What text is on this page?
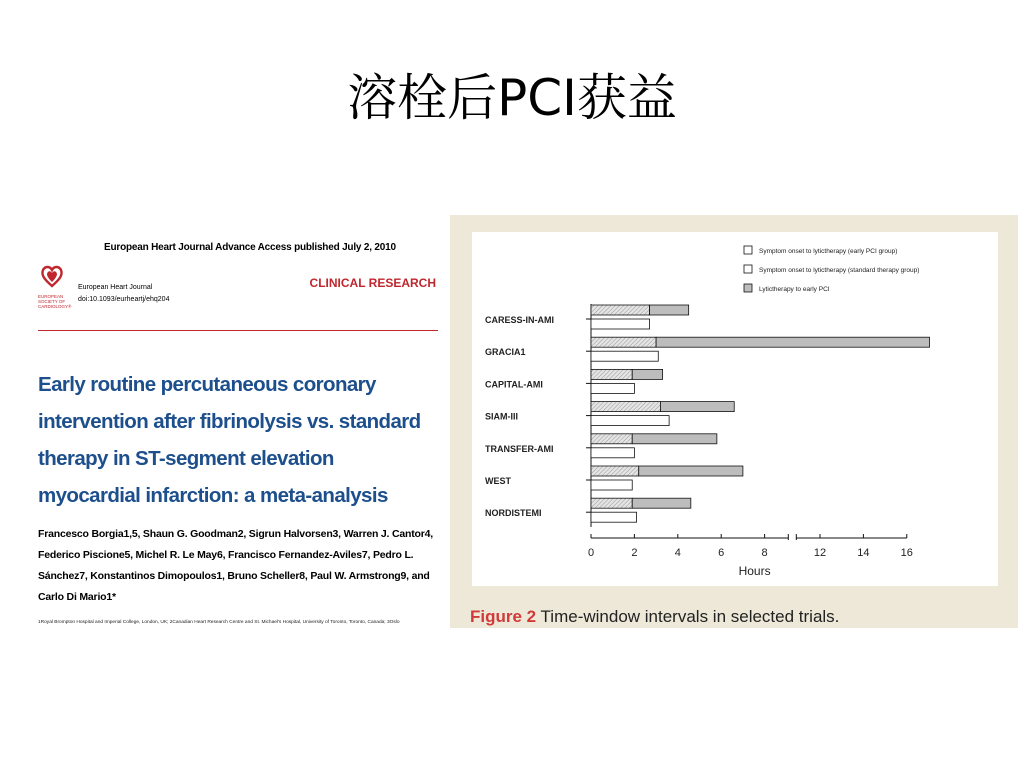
溶栓后PCI获益
European Heart Journal Advance Access published July 2, 2010
EUROPEAN SOCIETY OF CARDIOLOGY®
European Heart Journal
doi:10.1093/eurheartj/ehq204
CLINICAL RESEARCH
Early routine percutaneous coronary intervention after fibrinolysis vs. standard therapy in ST-segment elevation myocardial infarction: a meta-analysis
Francesco Borgia1,5, Shaun G. Goodman2, Sigrun Halvorsen3, Warren J. Cantor4, Federico Piscione5, Michel R. Le May6, Francisco Fernandez-Aviles7, Pedro L. Sánchez7, Konstantinos Dimopoulos1, Bruno Scheller8, Paul W. Armstrong9, and Carlo Di Mario1*
1Royal Brompton Hospital and Imperial College, London, UK; 2Canadian Heart Research Centre and St. Michael's Hospital, University of Toronto, Toronto, Canada; 3Oslo
Symptom onset to lytictherapy (early PCI group)
Symptom onset to lytictherapy (standard therapy group)
Lytictherapy to early PCI
CARESS-IN-AMI
GRACIA1
CAPITAL-AMI
SIAM-III
TRANSFER-AMI
WEST
NORDISTEMI
0	2	4	6	8	12	14	16
Hours
Figure 2 Time-window intervals in selected trials.
